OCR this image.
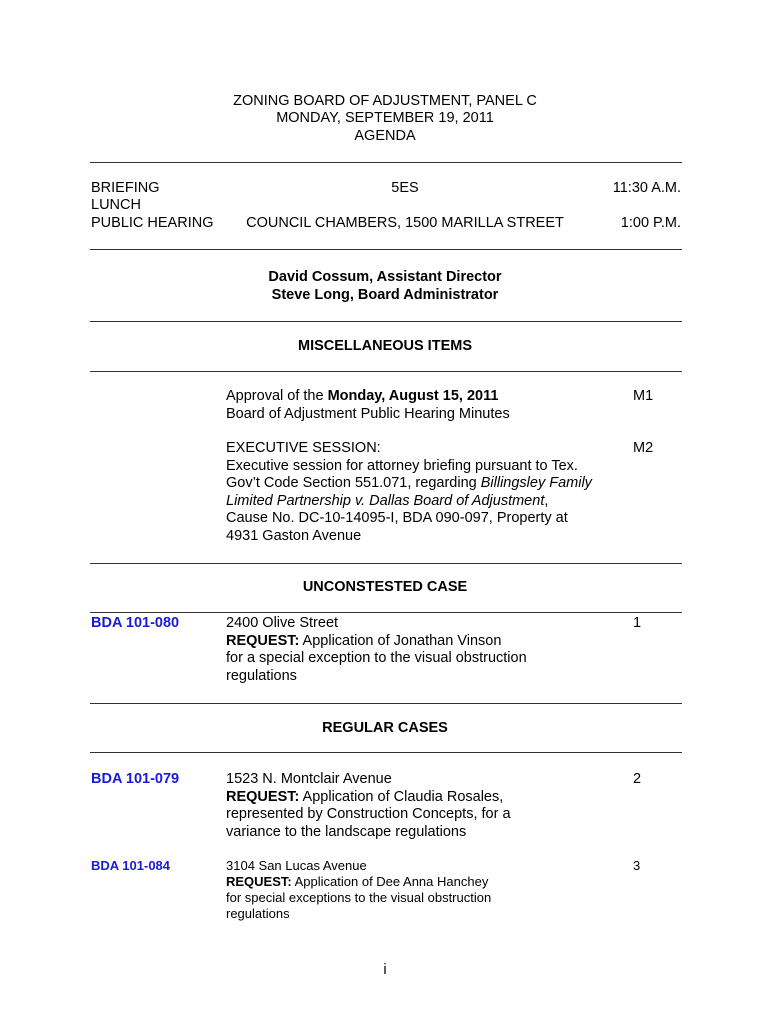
ZONING BOARD OF ADJUSTMENT, PANEL C
MONDAY, SEPTEMBER 19, 2011
AGENDA
BRIEFING	5ES	11:30 A.M.
LUNCH
PUBLIC HEARING	COUNCIL CHAMBERS, 1500 MARILLA STREET	1:00 P.M.
David Cossum, Assistant Director
Steve Long, Board Administrator
MISCELLANEOUS ITEMS
Approval of the Monday, August 15, 2011
Board of Adjustment Public Hearing Minutes
M1
EXECUTIVE SESSION:
Executive session for attorney briefing pursuant to Tex.
Gov’t Code Section 551.071, regarding Billingsley Family
Limited Partnership v. Dallas Board of Adjustment,
Cause No. DC-10-14095-I, BDA 090-097, Property at
4931 Gaston Avenue
M2
UNCONSTESTED CASE
BDA 101-080	2400 Olive Street
REQUEST: Application of Jonathan Vinson
for a special exception to the visual obstruction
regulations
1
REGULAR CASES
BDA 101-079	1523 N. Montclair Avenue
REQUEST: Application of Claudia Rosales,
represented by Construction Concepts, for a
variance to the landscape regulations
2
BDA 101-084	3104 San Lucas Avenue
REQUEST: Application of Dee Anna Hanchey
for special exceptions to the visual obstruction
regulations
3
i
